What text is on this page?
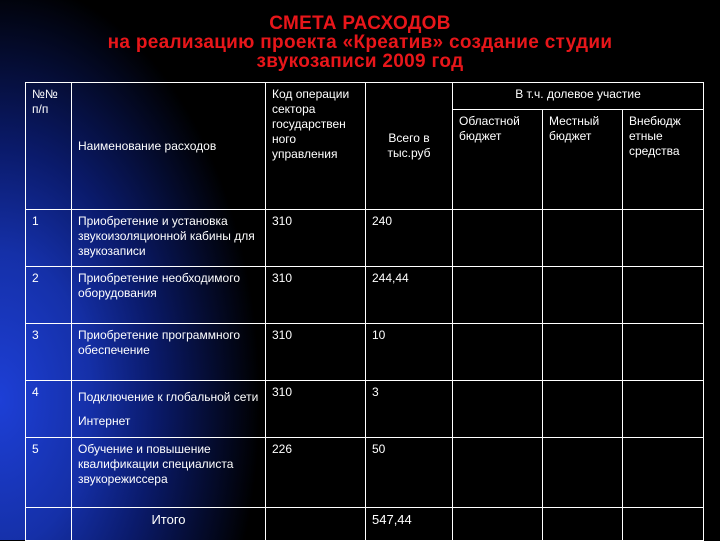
СМЕТА РАСХОДОВ
на реализацию проекта «Креатив» создание студии
звукозаписи 2009 год
№№ п/п	Наименование расходов	Код операции сектора государствен ного управления	Всего в тыс.руб	В т.ч. долевое участие		
				Областной бюджет	Местный бюджет	Внебюдж етные средства
1	Приобретение и установка звукоизоляционной кабины для звукозаписи	310	240			
2	Приобретение необходимого оборудования	310	244,44			
3	Приобретение программного обеспечение	310	10			
4	Подключение к глобальной сети Интернет	310	3			
5	Обучение и повышение квалификации специалиста звукорежиссера	226	50			
	Итого		547,44			
